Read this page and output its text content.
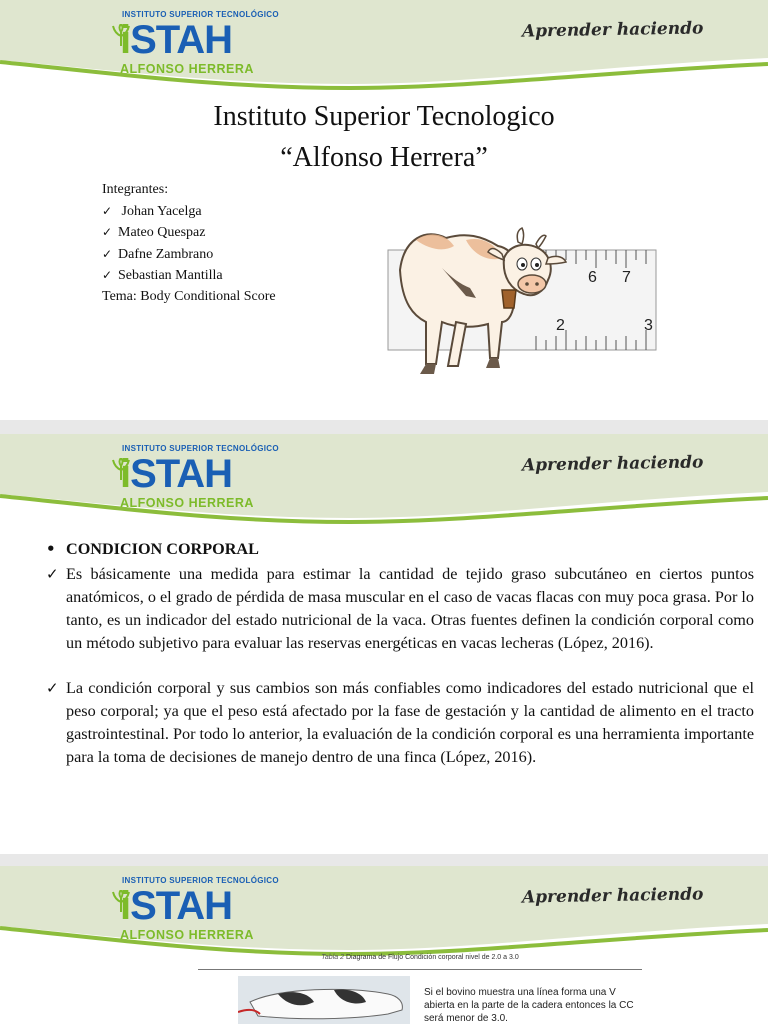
INSTITUTO SUPERIOR TECNOLÓGICO
iSTAH
ALFONSO HERRERA
Aprender haciendo
Instituto Superior Tecnologico
“Alfonso Herrera”
Integrantes:
✓ Johan Yacelga
✓ Mateo Quespaz
✓ Dafne Zambrano
✓ Sebastian Mantilla
Tema: Body Conditional Score
6 7
2	3
INSTITUTO SUPERIOR TECNOLÓGICO
iSTAH
ALFONSO HERRERA
Aprender haciendo
• CONDICION CORPORAL
✓ Es básicamente una medida para estimar la cantidad de tejido graso subcutáneo en ciertos puntos anatómicos, o el grado de pérdida de masa muscular en el caso de vacas flacas con muy poca grasa. Por lo tanto, es un indicador del estado nutricional de la vaca. Otras fuentes definen la condición corporal como un método subjetivo para evaluar las reservas energéticas en vacas lecheras (López, 2016).
✓ La condición corporal y sus cambios son más confiables como indicadores del estado nutricional que el peso corporal; ya que el peso está afectado por la fase de gestación y la cantidad de alimento en el tracto gastrointestinal. Por todo lo anterior, la evaluación de la condición corporal es una herramienta importante para la toma de decisiones de manejo dentro de una finca (López, 2016).
INSTITUTO SUPERIOR TECNOLÓGICO
iSTAH
ALFONSO HERRERA
Aprender haciendo
Tabla 2 Diagrama de Flujo Condición corporal nivel de 2.0 a 3.0
Si el bovino muestra una línea forma una V abierta en la parte de la cadera entonces la CC será menor de 3.0.
